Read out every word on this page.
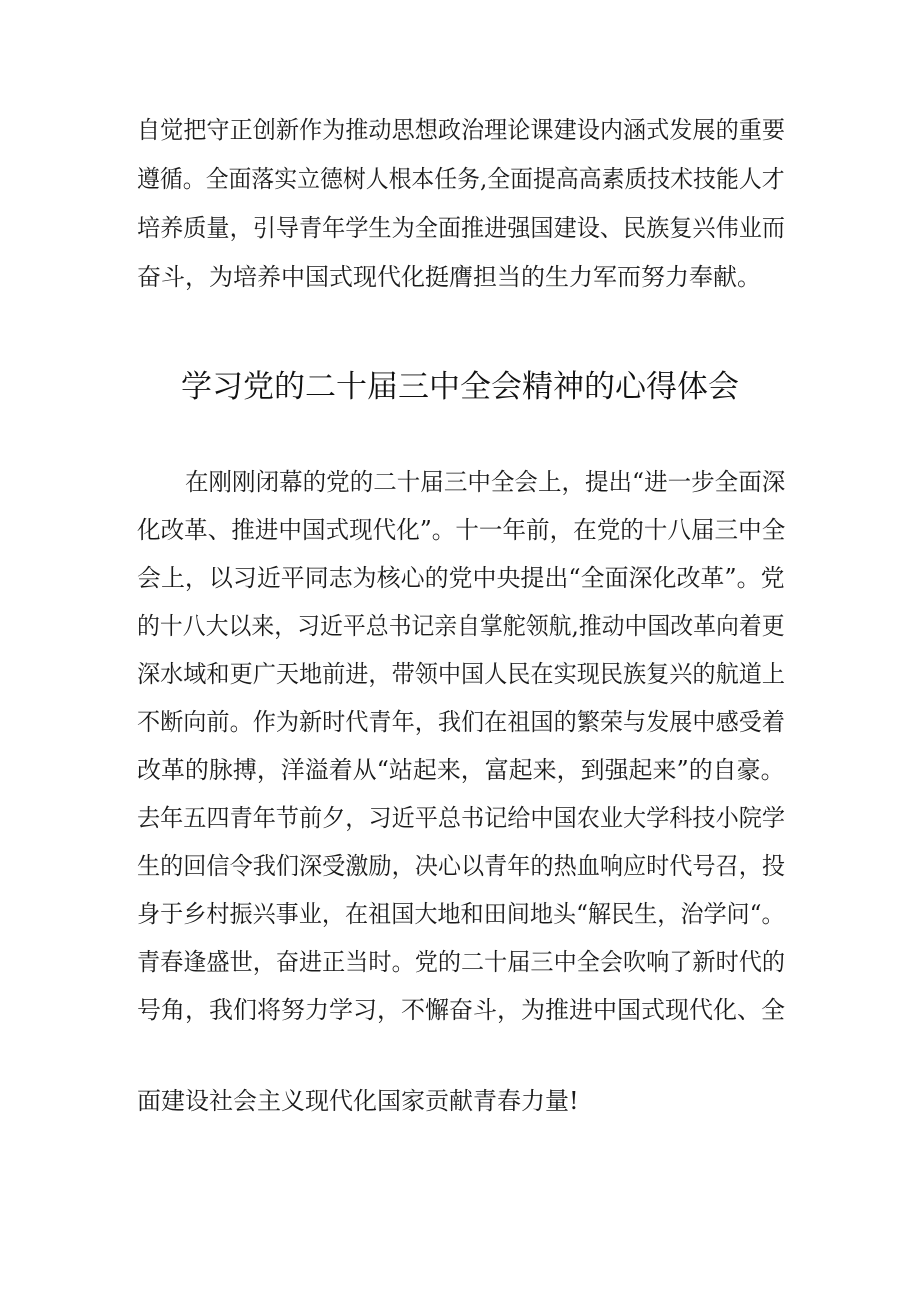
自觉把守正创新作为推动思想政治理论课建设内涵式发展的重要
遵循。全面落实立德树人根本任务,全面提高高素质技术技能人才
培养质量，引导青年学生为全面推进强国建设、民族复兴伟业而
奋斗，为培养中国式现代化挺膺担当的生力军而努力奉献。
学习党的二十届三中全会精神的心得体会
在刚刚闭幕的党的二十届三中全会上，提出“进一步全面深
化改革、推进中国式现代化”。十一年前，在党的十八届三中全
会上，以习近平同志为核心的党中央提出“全面深化改革”。党
的十八大以来，习近平总书记亲自掌舵领航,推动中国改革向着更
深水域和更广天地前进，带领中国人民在实现民族复兴的航道上
不断向前。作为新时代青年，我们在祖国的繁荣与发展中感受着
改革的脉搏，洋溢着从“站起来，富起来，到强起来”的自豪。
去年五四青年节前夕，习近平总书记给中国农业大学科技小院学
生的回信令我们深受激励，决心以青年的热血响应时代号召，投
身于乡村振兴事业，在祖国大地和田间地头“解民生，治学问“。
青春逢盛世，奋进正当时。党的二十届三中全会吹响了新时代的
号角，我们将努力学习，不懈奋斗，为推进中国式现代化、全
面建设社会主义现代化国家贡献青春力量!
